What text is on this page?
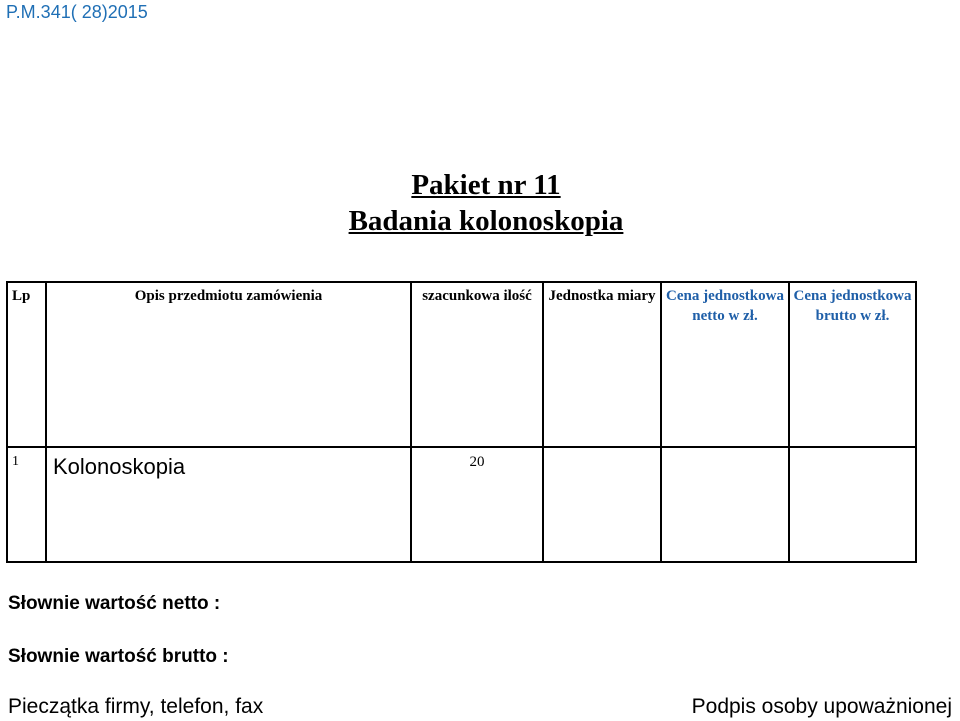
P.M.341( 28)2015
Pakiet nr 11
Badania kolonoskopia
Lp	Opis przedmiotu zamówienia	szacunkowa ilość	Jednostka miary	Cena jednostkowa netto w zł.	Cena jednostkowa brutto w zł.

1	Kolonoskopia	20			

Słownie wartość netto :
Słownie wartość brutto :
Pieczątka firmy, telefon, fax	Podpis osoby upoważnionej
